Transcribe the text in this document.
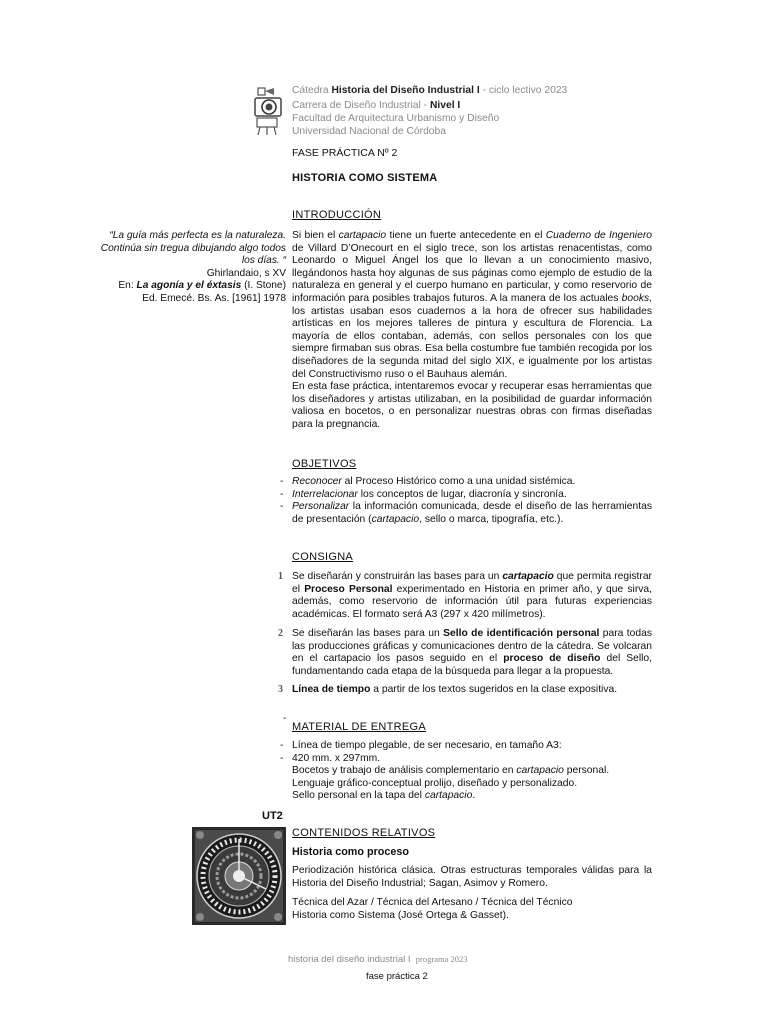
Cátedra Historia del Diseño Industrial I - ciclo lectivo 2023
Carrera de Diseño Industrial - Nivel I
Facultad de Arquitectura Urbanismo y Diseño
Universidad Nacional de Córdoba
FASE PRÁCTICA Nº 2
HISTORIA COMO SISTEMA
“La guía más perfecta es la naturaleza. Continúa sin tregua dibujando algo todos los días. “
Ghirlandaio, s XV
En: La agonía y el éxtasis (I. Stone)
Ed. Emecé. Bs. As. [1961] 1978
INTRODUCCIÓN

Si bien el cartapacio tiene un fuerte antecedente en el Cuaderno de Ingeniero de Villard D’Onecourt en el siglo trece, son los artistas renacentistas, como Leonardo o Miguel Ángel los que lo llevan a un conocimiento masivo, llegándonos hasta hoy algunas de sus páginas como ejemplo de estudio de la naturaleza en general y el cuerpo humano en particular, y como reservorio de información para posibles trabajos futuros. A la manera de los actuales books, los artistas usaban esos cuadernos a la hora de ofrecer sus habilidades artísticas en los mejores talleres de pintura y escultura de Florencia. La mayoría de ellos contaban, además, con sellos personales con los que siempre firmaban sus obras. Esa bella costumbre fue también recogida por los diseñadores de la segunda mitad del siglo XIX, e igualmente por los artistas del Constructivismo ruso o el Bauhaus alemán.

En esta fase práctica, intentaremos evocar y recuperar esas herramientas que los diseñadores y artistas utilizaban, en la posibilidad de guardar información valiosa en bocetos, o en personalizar nuestras obras con firmas diseñadas para la pregnancia.

OBJETIVOS
- Reconocer al Proceso Histórico como a una unidad sistémica.
- Interrelacionar los conceptos de lugar, diacronía y sincronía.
- Personalizar la información comunicada, desde el diseño de las herramientas de presentación (cartapacio, sello o marca, tipografía, etc.).
CONSIGNA
1 Se diseñarán y construirán las bases para un cartapacio que permita registrar el Proceso Personal experimentado en Historia en primer año, y que sirva, además, como reservorio de información útil para futuras experiencias académicas. El formato será A3 (297 x 420 milímetros).
2 Se diseñarán las bases para un Sello de identificación personal para todas las producciones gráficas y comunicaciones dentro de la cátedra. Se volcaran en el cartapacio los pasos seguido en el proceso de diseño del Sello, fundamentando cada etapa de la búsqueda para llegar a la propuesta.
3 Línea de tiempo a partir de los textos sugeridos en la clase expositiva.
-
MATERIAL DE ENTREGA
- Línea de tiempo plegable, de ser necesario, en tamaño A3:
- 420 mm. x 297mm.
Bocetos y trabajo de análisis complementario en cartapacio personal.
Lenguaje gráfico-conceptual prolijo, diseñado y personalizado.
Sello personal en la tapa del cartapacio.
UT2
CONTENIDOS RELATIVOS
Historia como proceso
Periodización histórica clásica. Otras estructuras temporales válidas para la Historia del Diseño Industrial; Sagan, Asimov y Romero.
Técnica del Azar / Técnica del Artesano / Técnica del Técnico
Historia como Sistema (José Ortega & Gasset).
historia del diseño industrial I programa 2023
fase práctica 2
